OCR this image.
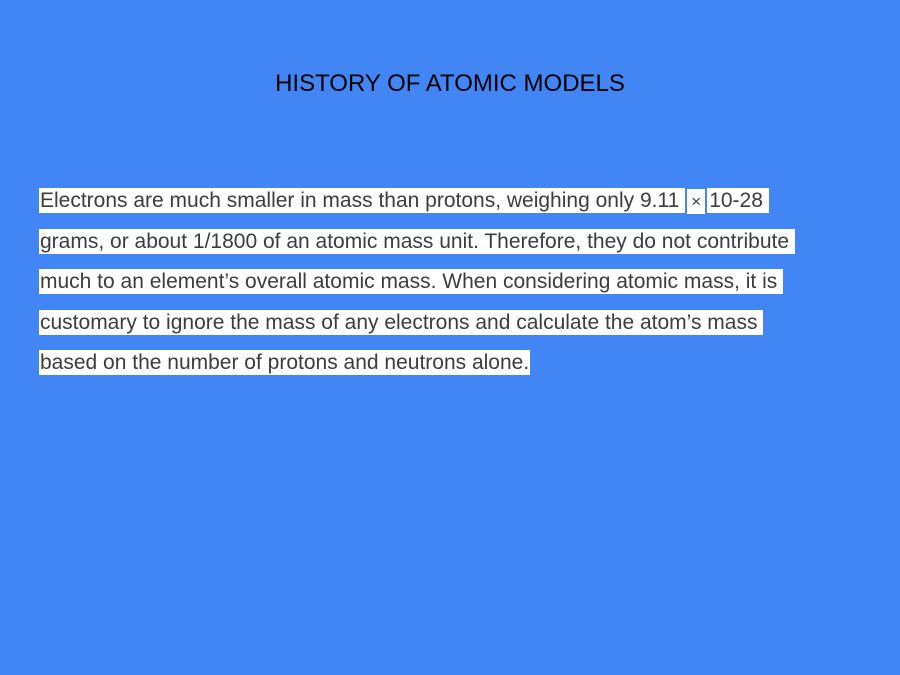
HISTORY OF ATOMIC MODELS
Electrons are much smaller in mass than protons, weighing only 9.11 × 10-28
grams, or about 1/1800 of an atomic mass unit. Therefore, they do not contribute
much to an element’s overall atomic mass. When considering atomic mass, it is
customary to ignore the mass of any electrons and calculate the atom’s mass
based on the number of protons and neutrons alone.
